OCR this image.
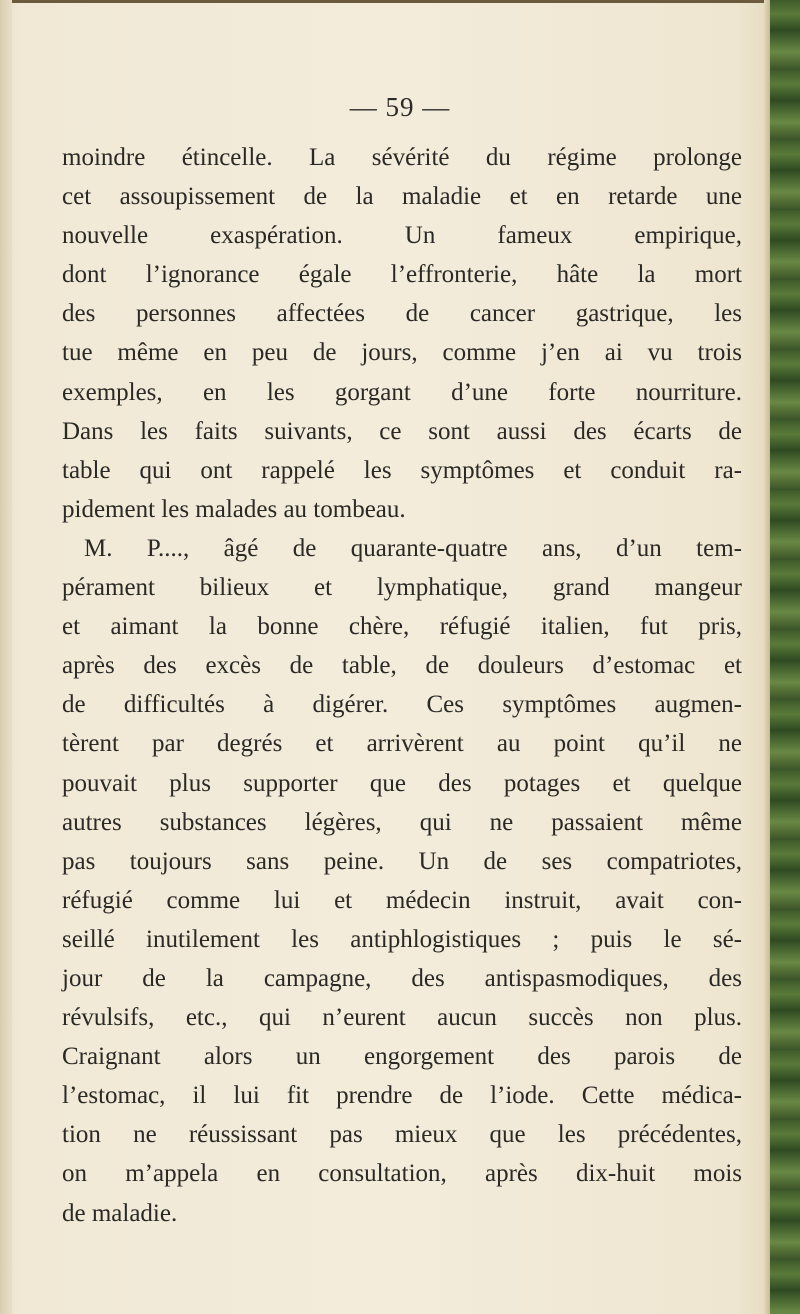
— 59 —
moindre étincelle. La sévérité du régime prolonge
cet assoupissement de la maladie et en retarde une
nouvelle exaspération. Un fameux empirique,
dont l’ignorance égale l’effronterie, hâte la mort
des personnes affectées de cancer gastrique, les
tue même en peu de jours, comme j’en ai vu trois
exemples, en les gorgant d’une forte nourriture.
Dans les faits suivants, ce sont aussi des écarts de
table qui ont rappelé les symptômes et conduit ra-
pidement les malades au tombeau.
M. P...., âgé de quarante-quatre ans, d’un tem-
pérament bilieux et lymphatique, grand mangeur
et aimant la bonne chère, réfugié italien, fut pris,
après des excès de table, de douleurs d’estomac et
de difficultés à digérer. Ces symptômes augmen-
tèrent par degrés et arrivèrent au point qu’il ne
pouvait plus supporter que des potages et quelque
autres substances légères, qui ne passaient même
pas toujours sans peine. Un de ses compatriotes,
réfugié comme lui et médecin instruit, avait con-
seillé inutilement les antiphlogistiques ; puis le sé-
jour de la campagne, des antispasmodiques, des
révulsifs, etc., qui n’eurent aucun succès non plus.
Craignant alors un engorgement des parois de
l’estomac, il lui fit prendre de l’iode. Cette médica-
tion ne réussissant pas mieux que les précédentes,
on m’appela en consultation, après dix-huit mois
de maladie.
